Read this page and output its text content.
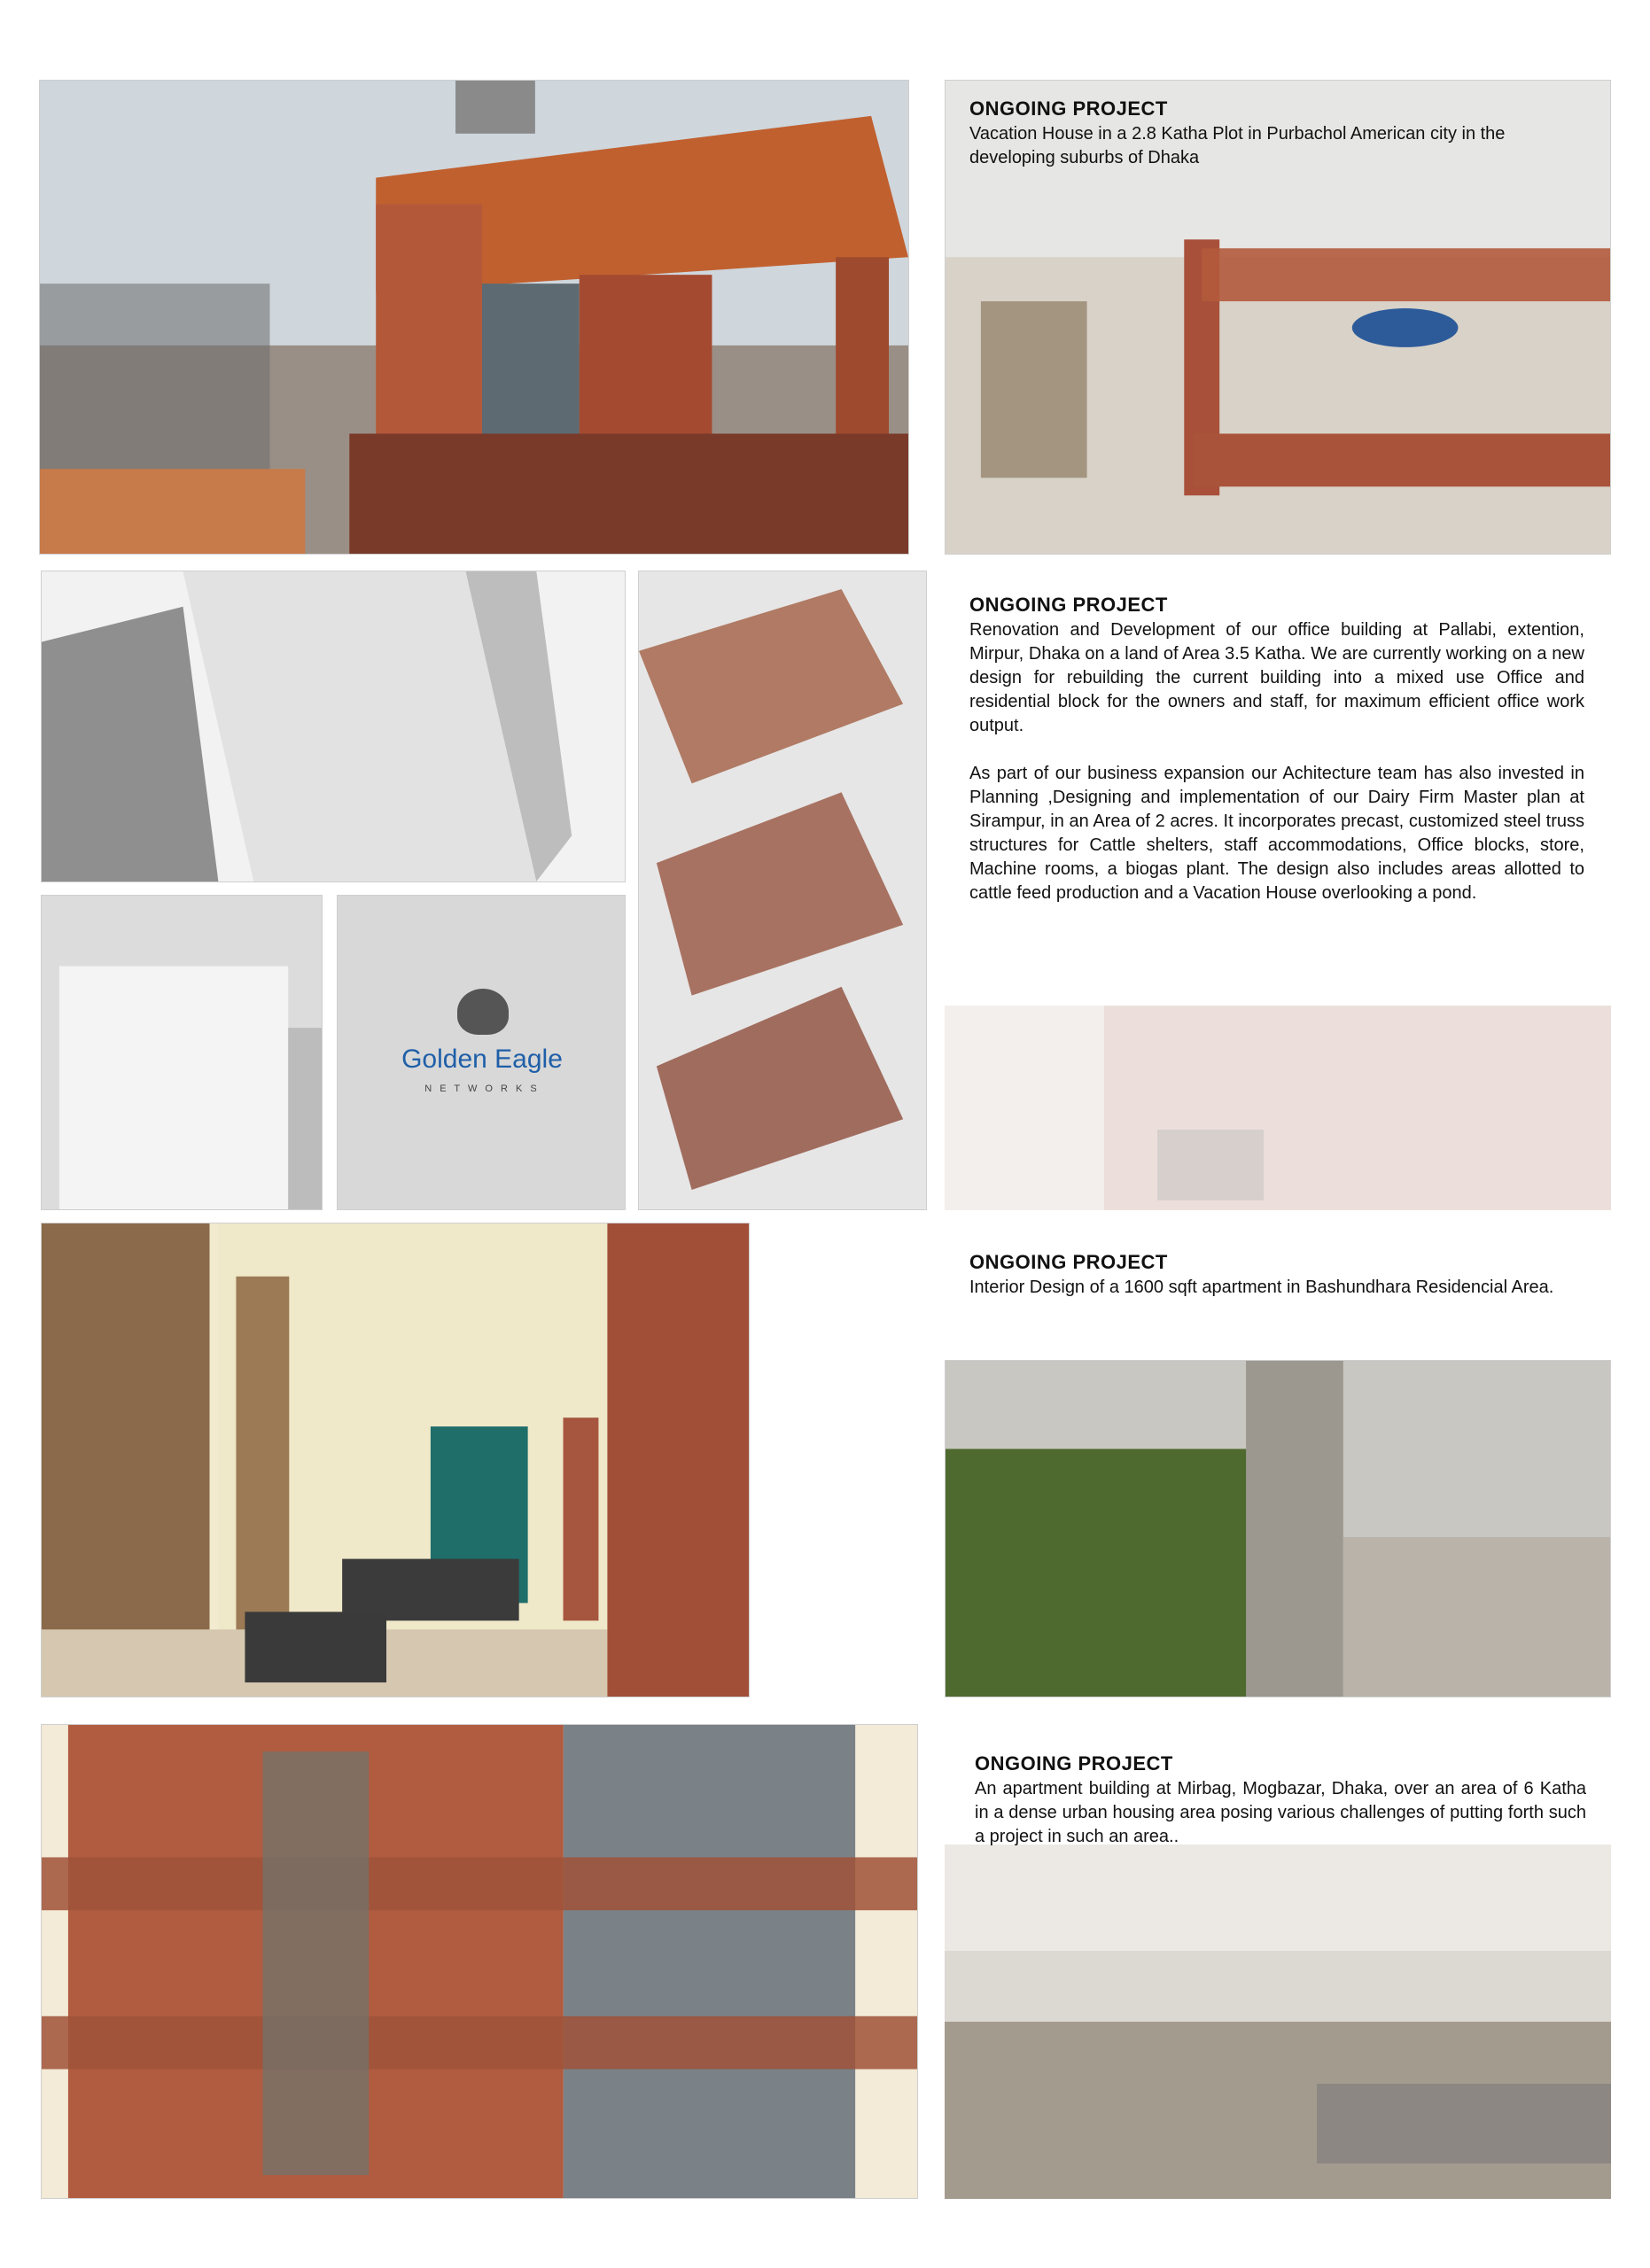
ONGOING PROJECT

Vacation House in a 2.8 Katha Plot in Purbachol American city in the developing suburbs of Dhaka

Golden Eagle
N E T W O R K S
ONGOING PROJECT

Renovation and Development of our office building at Pallabi, extention, Mirpur, Dhaka on a land of Area 3.5 Katha. We are currently working on a new design for rebuilding the current building into a mixed use Office and residential block for the owners and staff, for maximum efficient office work output.

As part of our business expansion our Achitecture team has also invested in Planning ,Designing and implementation of our Dairy Firm Master plan at Sirampur, in an Area of 2 acres. It incorporates precast, customized steel truss structures for Cattle shelters, staff accommodations, Office blocks, store, Machine rooms, a biogas plant. The design also includes areas allotted to cattle feed production and a Vacation House overlooking a pond.

ONGOING PROJECT

Interior Design of a 1600 sqft apartment in Bashundhara Residencial Area.

ONGOING PROJECT

An apartment building at Mirbag, Mogbazar, Dhaka, over an area of 6 Katha in a dense urban housing area posing various challenges of putting forth such a project in such an area..
